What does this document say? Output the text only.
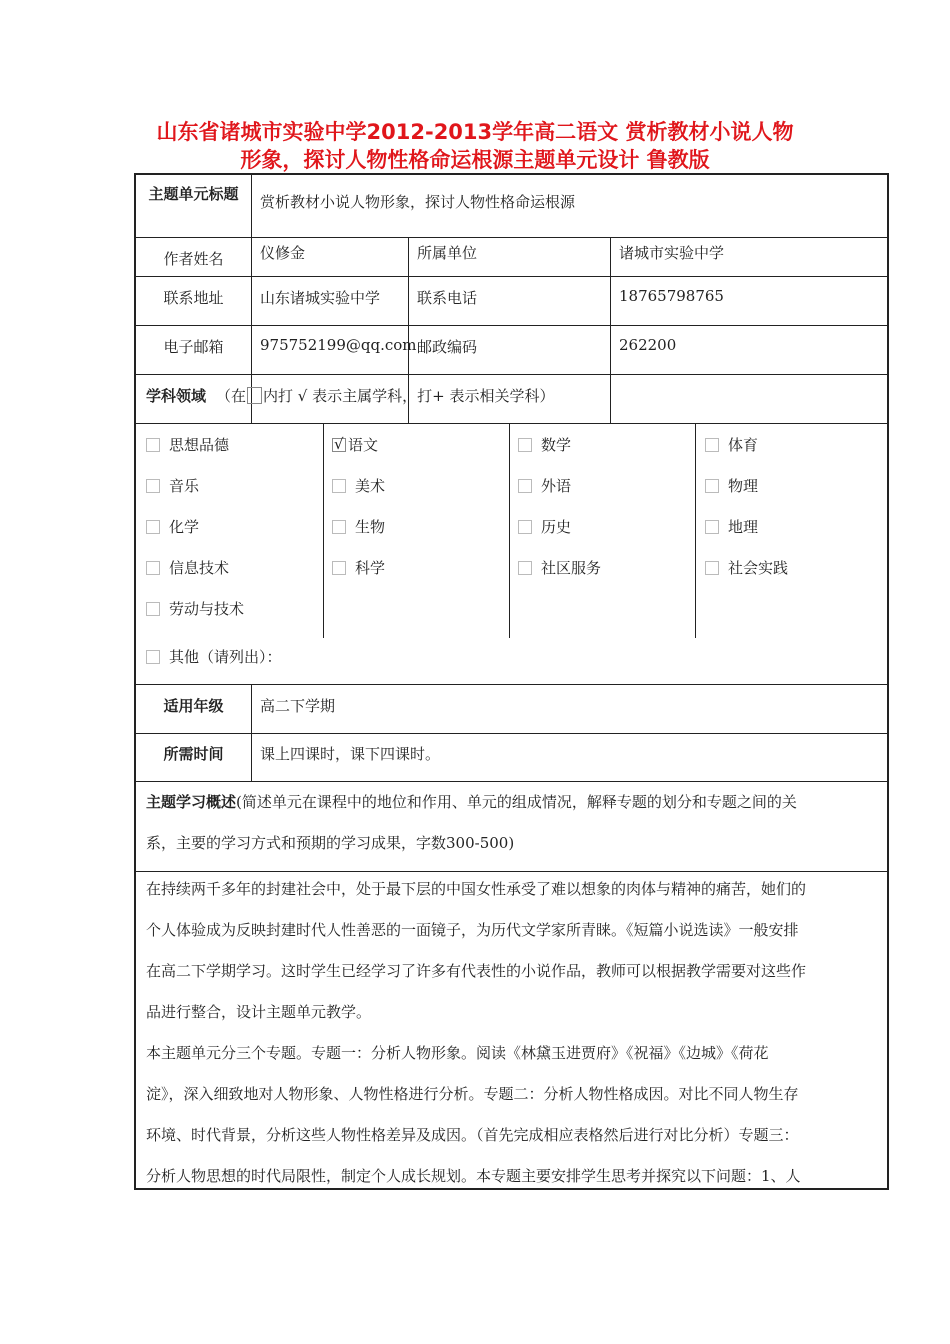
山东省诸城市实验中学2012-2013学年高二语文 赏析教材小说人物
形象，探讨人物性格命运根源主题单元设计 鲁教版
主题单元标题	赏析教材小说人物形象，探讨人物性格命运根源
作者姓名	仪修金	所属单位	诸城市实验中学
联系地址	山东诸城实验中学 联系电话	18765798765
电子邮箱	975752199@qq.com 邮政编码	262200
学科领域 （在 内打 √ 表示主属学科，打+ 表示相关学科）
思想品德
音乐
化学
信息技术
劳动与技术
√ 语文
美术
生物
科学
数学
外语
历史
社区服务
体育
物理
地理
社会实践
其他（请列出）：
适用年级	高二下学期
所需时间	课上四课时，课下四课时。
主题学习概述(简述单元在课程中的地位和作用、单元的组成情况，解释专题的划分和专题之间的关
系，主要的学习方式和预期的学习成果，字数300-500)
在持续两千多年的封建社会中，处于最下层的中国女性承受了难以想象的肉体与精神的痛苦，她们的
个人体验成为反映封建时代人性善恶的一面镜子，为历代文学家所青睐。《短篇小说选读》一般安排
在高二下学期学习。这时学生已经学习了许多有代表性的小说作品，教师可以根据教学需要对这些作
品进行整合，设计主题单元教学。
本主题单元分三个专题。专题一：分析人物形象。阅读《林黛玉进贾府》《祝福》《边城》《荷花
淀》，深入细致地对人物形象、人物性格进行分析。专题二：分析人物性格成因。对比不同人物生存
环境、时代背景，分析这些人物性格差异及成因。（首先完成相应表格然后进行对比分析）专题三：
分析人物思想的时代局限性，制定个人成长规划。本专题主要安排学生思考并探究以下问题：1、人
